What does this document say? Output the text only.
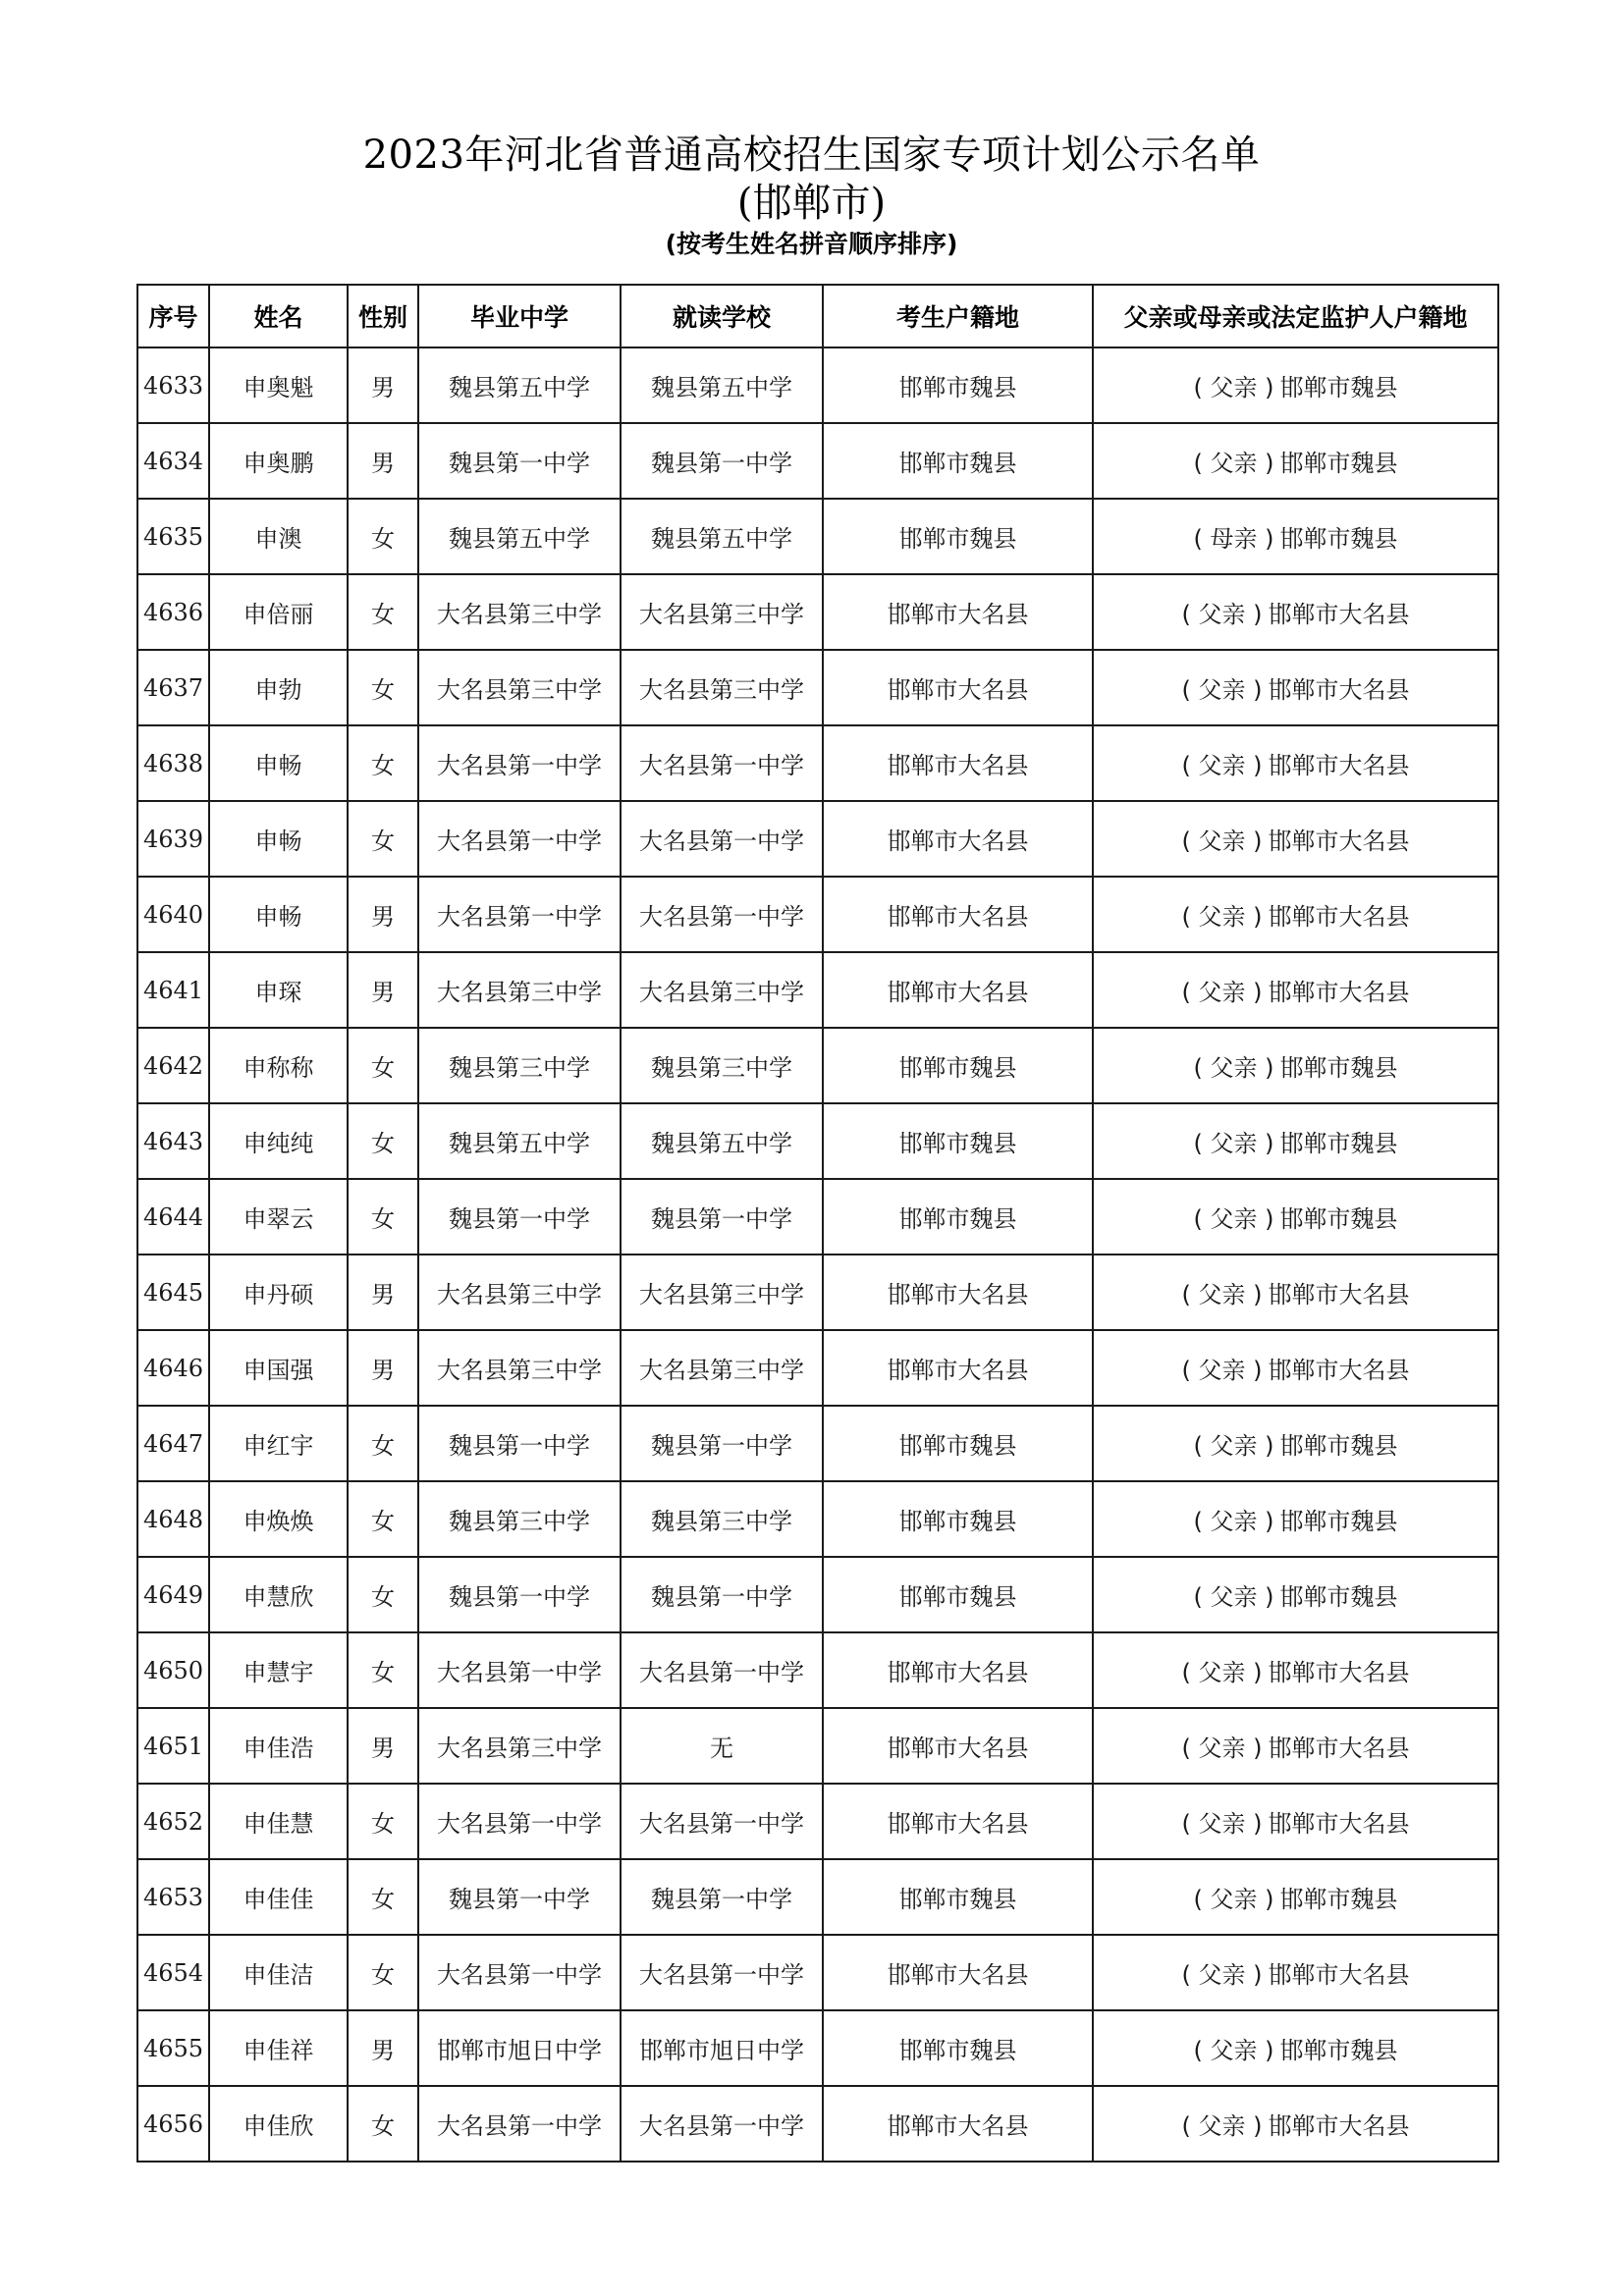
2023年河北省普通高校招生国家专项计划公示名单
(邯郸市)
(按考生姓名拼音顺序排序)
序号	姓名	性别	毕业中学	就读学校	考生户籍地	父亲或母亲或法定监护人户籍地
4633	申奥魁	男	魏县第五中学	魏县第五中学	邯郸市魏县	( 父亲 ) 邯郸市魏县
4634	申奥鹏	男	魏县第一中学	魏县第一中学	邯郸市魏县	( 父亲 ) 邯郸市魏县
4635	申澳	女	魏县第五中学	魏县第五中学	邯郸市魏县	( 母亲 ) 邯郸市魏县
4636	申倍丽	女	大名县第三中学	大名县第三中学	邯郸市大名县	( 父亲 ) 邯郸市大名县
4637	申勃	女	大名县第三中学	大名县第三中学	邯郸市大名县	( 父亲 ) 邯郸市大名县
4638	申畅	女	大名县第一中学	大名县第一中学	邯郸市大名县	( 父亲 ) 邯郸市大名县
4639	申畅	女	大名县第一中学	大名县第一中学	邯郸市大名县	( 父亲 ) 邯郸市大名县
4640	申畅	男	大名县第一中学	大名县第一中学	邯郸市大名县	( 父亲 ) 邯郸市大名县
4641	申琛	男	大名县第三中学	大名县第三中学	邯郸市大名县	( 父亲 ) 邯郸市大名县
4642	申称称	女	魏县第三中学	魏县第三中学	邯郸市魏县	( 父亲 ) 邯郸市魏县
4643	申纯纯	女	魏县第五中学	魏县第五中学	邯郸市魏县	( 父亲 ) 邯郸市魏县
4644	申翠云	女	魏县第一中学	魏县第一中学	邯郸市魏县	( 父亲 ) 邯郸市魏县
4645	申丹硕	男	大名县第三中学	大名县第三中学	邯郸市大名县	( 父亲 ) 邯郸市大名县
4646	申国强	男	大名县第三中学	大名县第三中学	邯郸市大名县	( 父亲 ) 邯郸市大名县
4647	申红宇	女	魏县第一中学	魏县第一中学	邯郸市魏县	( 父亲 ) 邯郸市魏县
4648	申焕焕	女	魏县第三中学	魏县第三中学	邯郸市魏县	( 父亲 ) 邯郸市魏县
4649	申慧欣	女	魏县第一中学	魏县第一中学	邯郸市魏县	( 父亲 ) 邯郸市魏县
4650	申慧宇	女	大名县第一中学	大名县第一中学	邯郸市大名县	( 父亲 ) 邯郸市大名县
4651	申佳浩	男	大名县第三中学	无	邯郸市大名县	( 父亲 ) 邯郸市大名县
4652	申佳慧	女	大名县第一中学	大名县第一中学	邯郸市大名县	( 父亲 ) 邯郸市大名县
4653	申佳佳	女	魏县第一中学	魏县第一中学	邯郸市魏县	( 父亲 ) 邯郸市魏县
4654	申佳洁	女	大名县第一中学	大名县第一中学	邯郸市大名县	( 父亲 ) 邯郸市大名县
4655	申佳祥	男	邯郸市旭日中学	邯郸市旭日中学	邯郸市魏县	( 父亲 ) 邯郸市魏县
4656	申佳欣	女	大名县第一中学	大名县第一中学	邯郸市大名县	( 父亲 ) 邯郸市大名县
